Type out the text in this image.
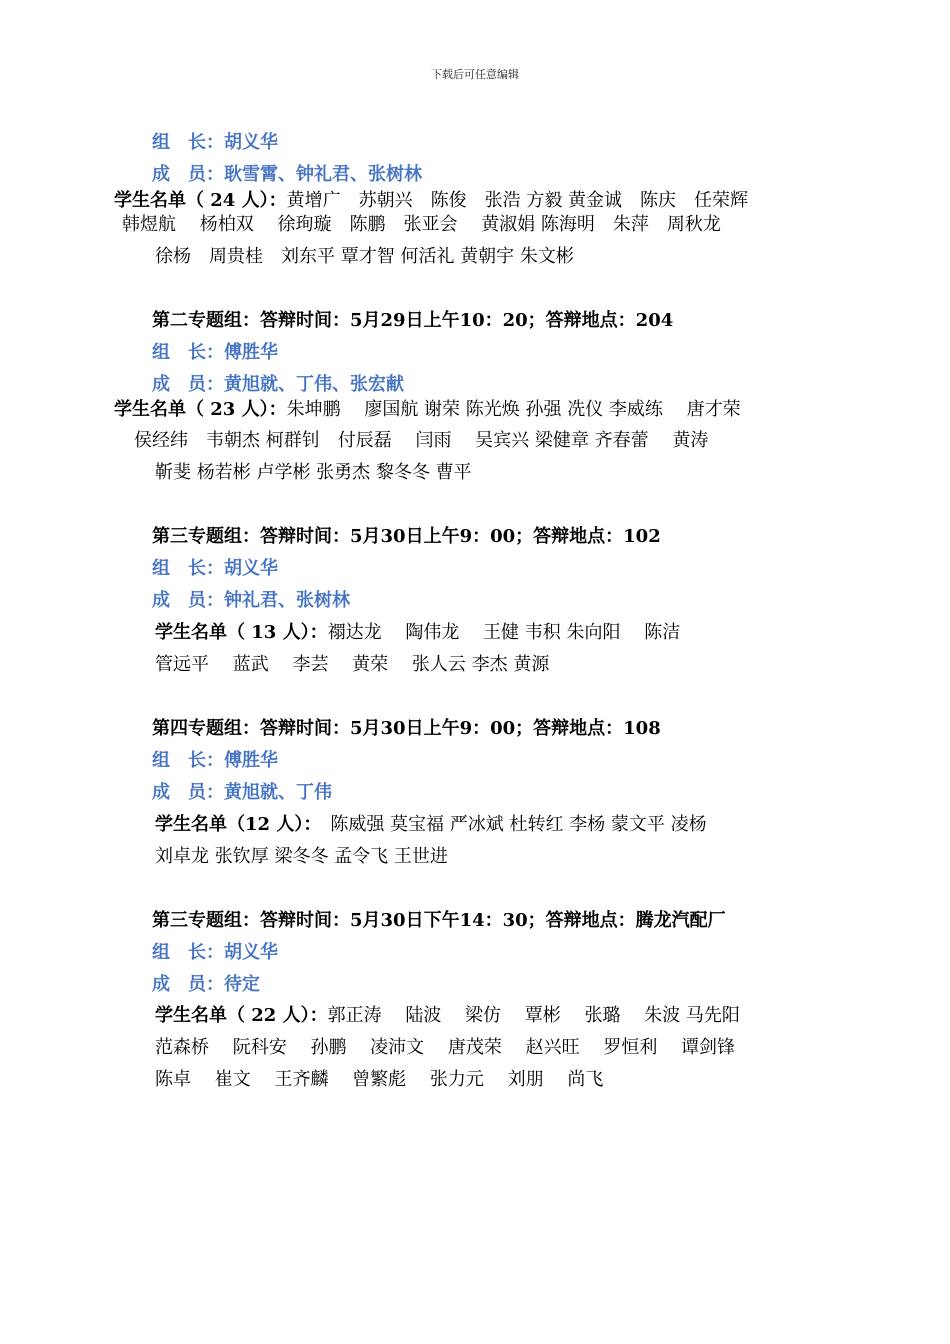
下载后可任意编辑
组　长：胡义华
成　员：耿雪霄、钟礼君、张树林
学生名单（ 24 人）：黄增广　苏朝兴　陈俊　张浩 方毅 黄金诚　陈庆　任荣辉
韩煜航　 杨柏双　 徐珣璇　陈鹏　张亚会　 黄淑娟 陈海明　朱萍　周秋龙
徐杨　周贵桂　刘东平 覃才智 何活礼 黄朝宇 朱文彬
第二专题组：答辩时间：5月29日上午10：20；答辩地点：204
组　长：傅胜华
成　员：黄旭就、丁伟、张宏献
学生名单（ 23 人）：朱坤鹏　 廖国航 谢荣 陈光焕 孙强 冼仪 李威练　 唐才荣
侯经纬　韦朝杰 柯群钊　付辰磊　 闫雨　 吴宾兴 梁健章 齐春蕾　 黄涛
靳斐 杨若彬 卢学彬 张勇杰 黎冬冬 曹平
第三专题组：答辩时间：5月30日上午9：00；答辩地点：102
组　长：胡义华
成　员：钟礼君、张树林
学生名单（ 13 人）：禤达龙　 陶伟龙　 王健 韦积 朱向阳　 陈洁
管远平　 蓝武　 李芸　 黄荣　 张人云 李杰 黄源
第四专题组：答辩时间：5月30日上午9：00；答辩地点：108
组　长：傅胜华
成　员：黄旭就、丁伟
学生名单（12 人）：　陈威强 莫宝福 严冰斌 杜转红 李杨 蒙文平 凌杨
刘卓龙 张钦厚 梁冬冬 孟令飞 王世进
第三专题组：答辩时间：5月30日下午14：30；答辩地点：腾龙汽配厂
组　长：胡义华
成　员：待定
学生名单（ 22 人）：郭正涛　 陆波　 梁仿　 覃彬　 张璐　 朱波 马先阳
范森桥　 阮科安　 孙鹏　 凌沛文　 唐茂荣　 赵兴旺　 罗恒利　 谭剑锋
陈卓　 崔文　 王齐麟　 曾繁彪　 张力元　 刘朋　 尚飞
